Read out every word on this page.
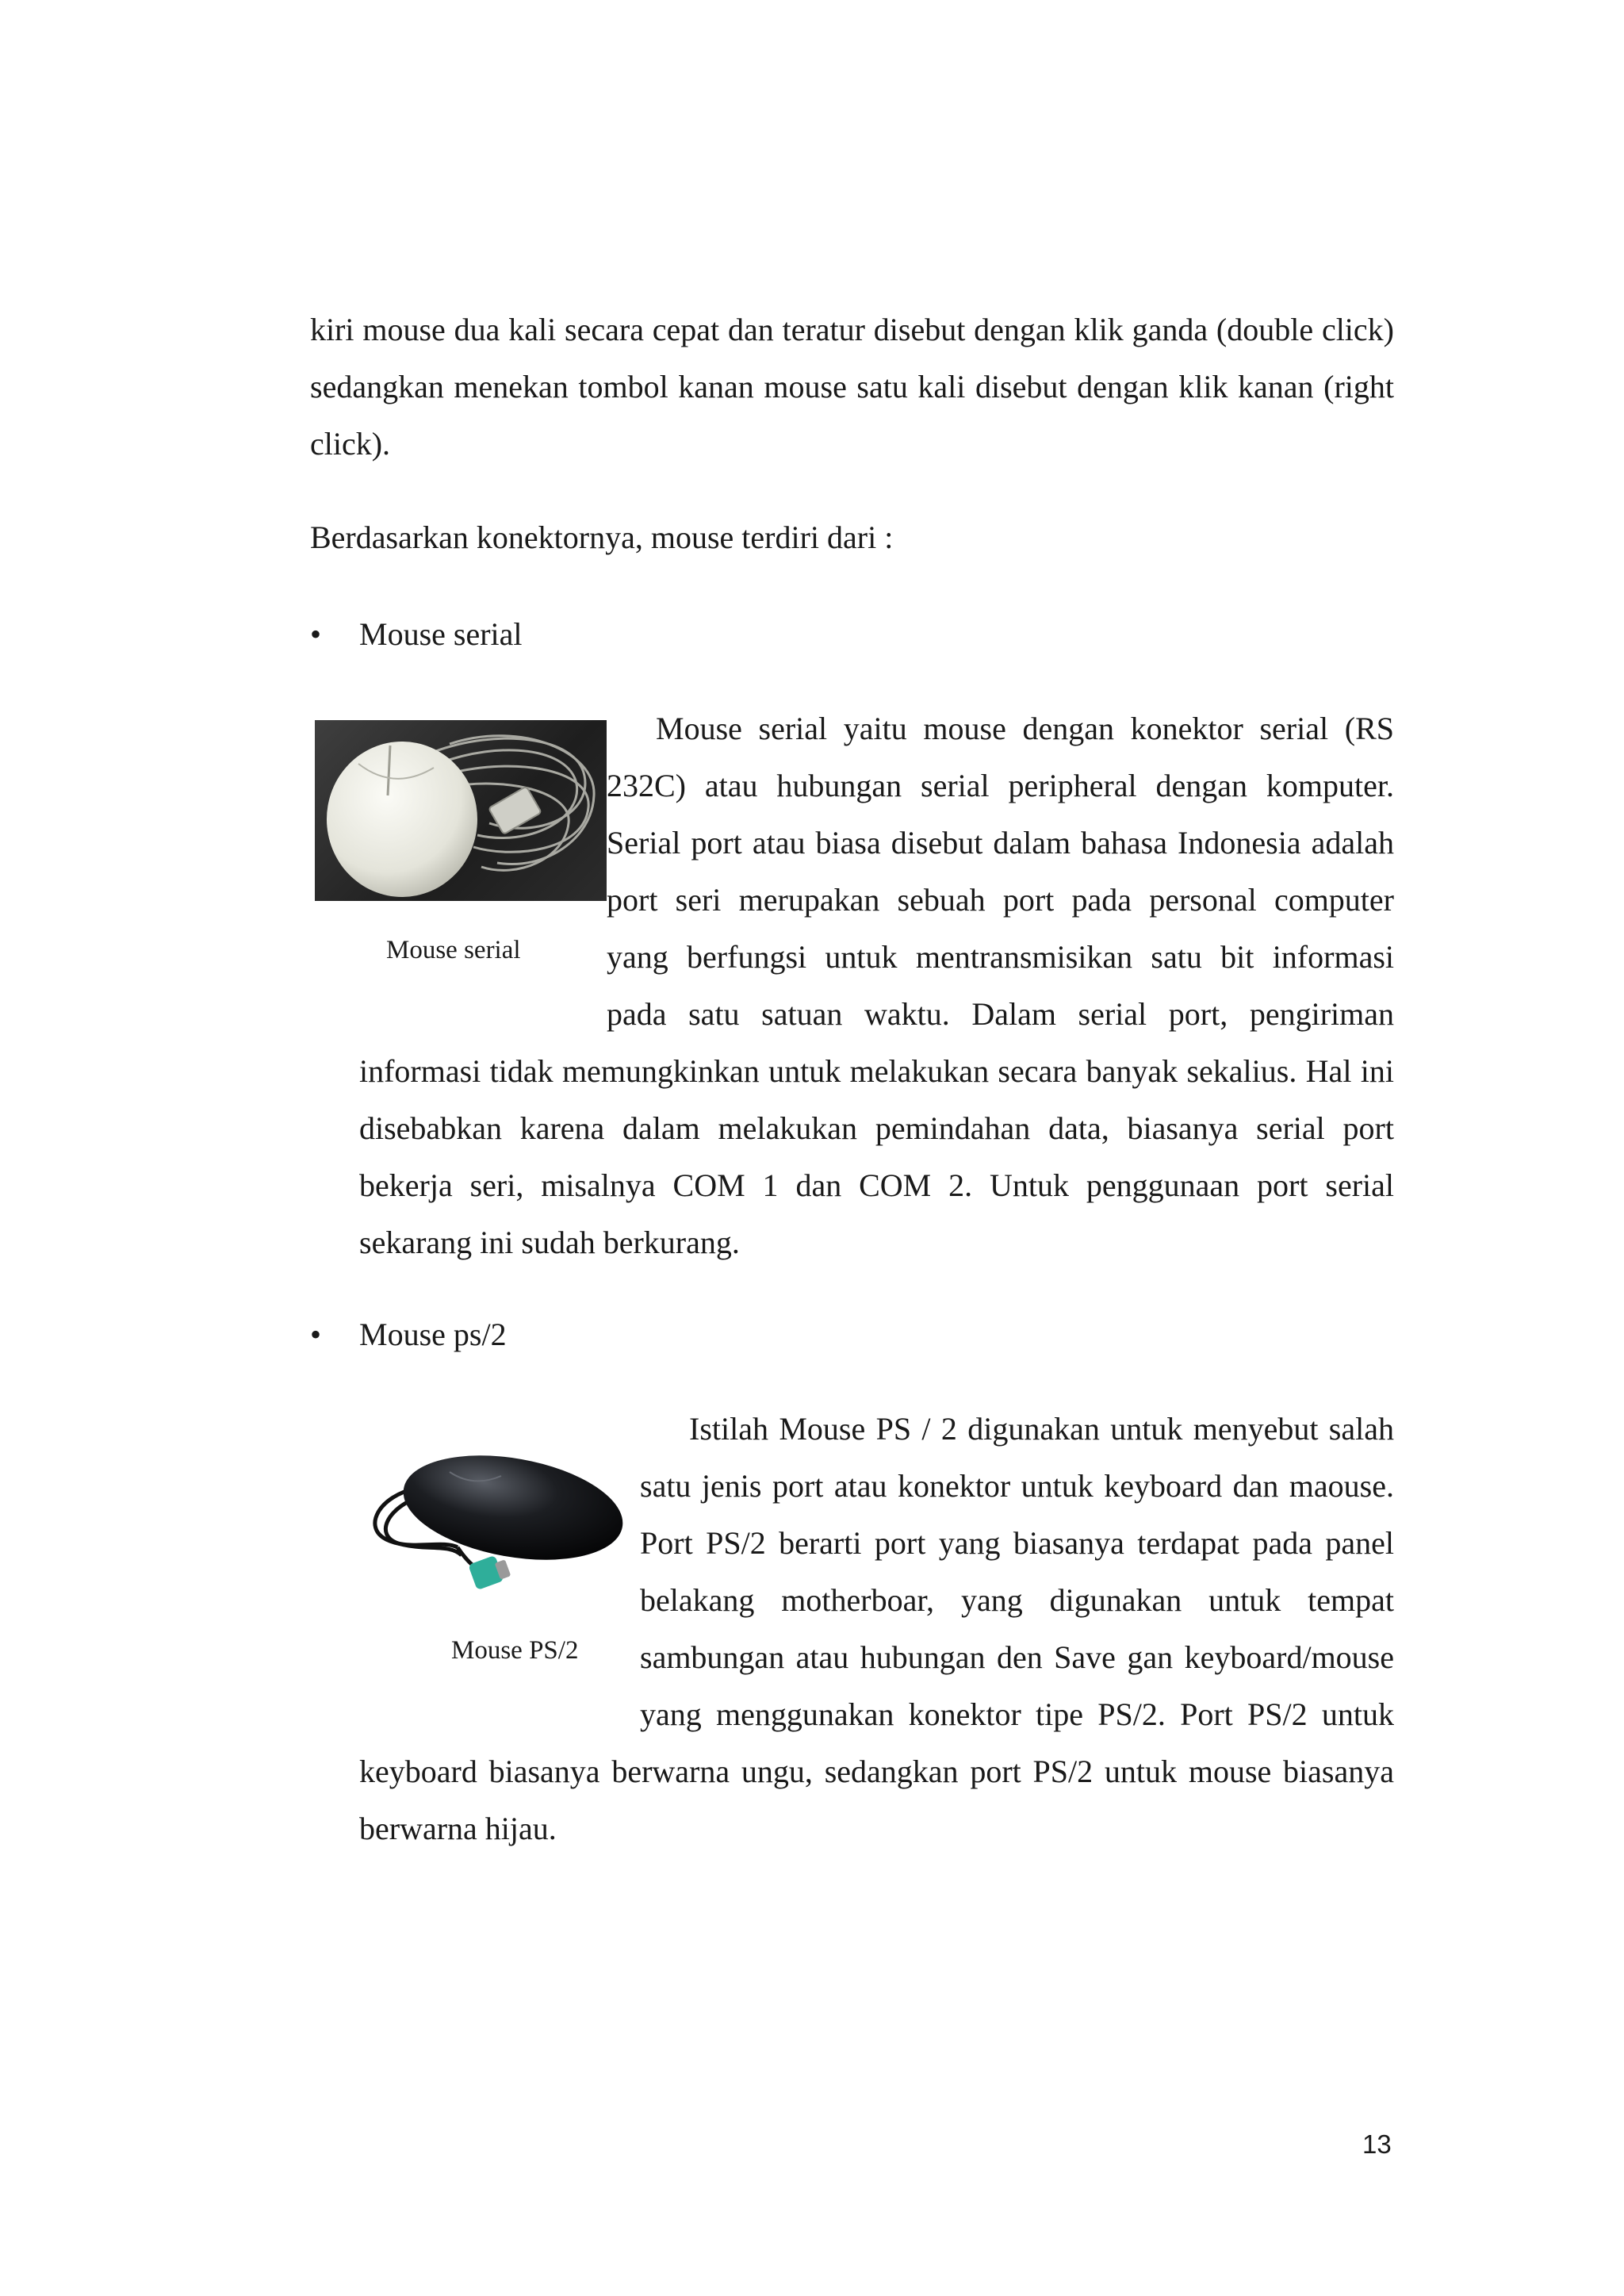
kiri mouse dua kali secara cepat dan teratur disebut dengan klik ganda (double click) sedangkan menekan tombol kanan mouse satu kali disebut dengan klik kanan (right click).

Berdasarkan konektornya, mouse terdiri dari :

• Mouse serial
Mouse serial
Mouse serial yaitu mouse dengan konektor serial (RS 232C) atau hubungan serial peripheral dengan komputer. Serial port atau biasa disebut dalam bahasa Indonesia adalah port seri merupakan sebuah port pada personal computer yang berfungsi untuk mentransmisikan satu bit informasi pada satu satuan waktu. Dalam serial port, pengiriman informasi tidak memungkinkan untuk melakukan secara banyak sekalius. Hal ini disebabkan karena dalam melakukan pemindahan data, biasanya serial port bekerja seri, misalnya COM 1 dan COM 2. Untuk penggunaan port serial sekarang ini sudah berkurang.
• Mouse ps/2
Mouse PS/2
Istilah Mouse PS / 2 digunakan untuk menyebut salah satu jenis port atau konektor untuk keyboard dan maouse. Port PS/2 berarti port yang biasanya terdapat pada panel belakang motherboar, yang digunakan untuk tempat sambungan atau hubungan den Save gan keyboard/mouse yang menggunakan konektor tipe PS/2. Port PS/2 untuk keyboard biasanya berwarna ungu, sedangkan port PS/2 untuk mouse biasanya berwarna hijau.
13
